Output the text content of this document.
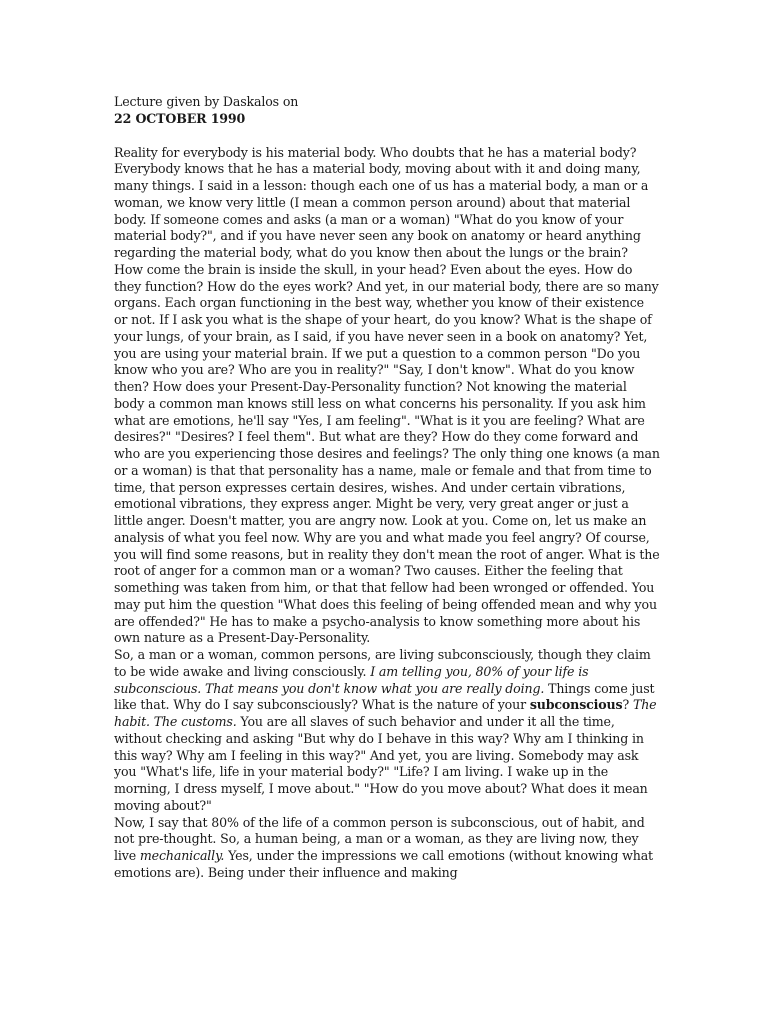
Lecture given by Daskalos on
22 OCTOBER 1990

Reality for everybody is his material body. Who doubts that he has a material body? Everybody knows that he has a material body, moving about with it and doing many, many things. I said in a lesson: though each one of us has a material body, a man or a woman, we know very little (I mean a common person around) about that material body. If someone comes and asks (a man or a woman) "What do you know of your material body?", and if you have never seen any book on anatomy or heard anything regarding the material body, what do you know then about the lungs or the brain? How come the brain is inside the skull, in your head? Even about the eyes. How do they function? How do the eyes work? And yet, in our material body, there are so many organs. Each organ functioning in the best way, whether you know of their existence or not. If I ask you what is the shape of your heart, do you know? What is the shape of your lungs, of your brain, as I said, if you have never seen in a book on anatomy? Yet, you are using your material brain. If we put a question to a common person "Do you know who you are? Who are you in reality?" "Say, I don't know". What do you know then? How does your Present-Day-Personality function? Not knowing the material body a common man knows still less on what concerns his personality. If you ask him what are emotions, he'll say "Yes, I am feeling". "What is it you are feeling? What are desires?" "Desires? I feel them". But what are they? How do they come forward and who are you experiencing those desires and feelings? The only thing one knows (a man or a woman) is that that personality has a name, male or female and that from time to time, that person expresses certain desires, wishes. And under certain vibrations, emotional vibrations, they express anger. Might be very, very great anger or just a little anger. Doesn't matter, you are angry now. Look at you. Come on, let us make an analysis of what you feel now. Why are you and what made you feel angry? Of course, you will find some reasons, but in reality they don't mean the root of anger. What is the root of anger for a common man or a woman? Two causes. Either the feeling that something was taken from him, or that that fellow had been wronged or offended. You may put him the question "What does this feeling of being offended mean and why you are offended?" He has to make a psycho-analysis to know something more about his own nature as a Present-Day-Personality.

So, a man or a woman, common persons, are living subconsciously, though they claim to be wide awake and living consciously. I am telling you, 80% of your life is subconscious. That means you don't know what you are really doing. Things come just like that. Why do I say subconsciously? What is the nature of your subconscious? The habit. The customs. You are all slaves of such behavior and under it all the time, without checking and asking "But why do I behave in this way? Why am I thinking in this way? Why am I feeling in this way?" And yet, you are living. Somebody may ask you "What's life, life in your material body?" "Life? I am living. I wake up in the morning, I dress myself, I move about." "How do you move about? What does it mean moving about?"

Now, I say that 80% of the life of a common person is subconscious, out of habit, and not pre-thought. So, a human being, a man or a woman, as they are living now, they live mechanically. Yes, under the impressions we call emotions (without knowing what emotions are). Being under their influence and making
